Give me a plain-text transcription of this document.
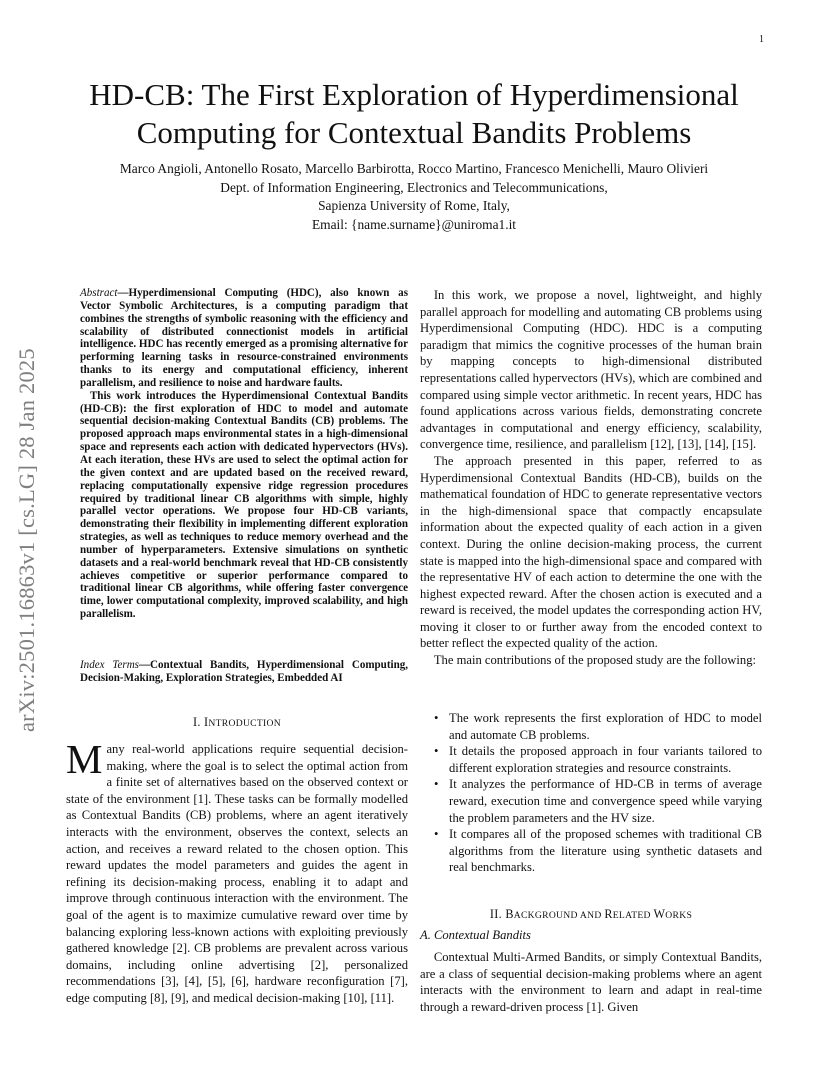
1
HD-CB: The First Exploration of Hyperdimensional
Computing for Contextual Bandits Problems
Marco Angioli, Antonello Rosato, Marcello Barbirotta, Rocco Martino, Francesco Menichelli, Mauro Olivieri
Dept. of Information Engineering, Electronics and Telecommunications,
Sapienza University of Rome, Italy,
Email: {name.surname}@uniroma1.it
arXiv:2501.16863v1 [cs.LG] 28 Jan 2025

Abstract—Hyperdimensional Computing (HDC), also known as Vector Symbolic Architectures, is a computing paradigm that combines the strengths of symbolic reasoning with the efficiency and scalability of distributed connectionist models in artificial intelligence. HDC has recently emerged as a promising alternative for performing learning tasks in resource-constrained environments thanks to its energy and computational efficiency, inherent parallelism, and resilience to noise and hardware faults.

This work introduces the Hyperdimensional Contextual Bandits (HD-CB): the first exploration of HDC to model and automate sequential decision-making Contextual Bandits (CB) problems. The proposed approach maps environmental states in a high-dimensional space and represents each action with dedicated hypervectors (HVs). At each iteration, these HVs are used to select the optimal action for the given context and are updated based on the received reward, replacing computationally expensive ridge regression procedures required by traditional linear CB algorithms with simple, highly parallel vector operations. We propose four HD-CB variants, demonstrating their flexibility in implementing different exploration strategies, as well as techniques to reduce memory overhead and the number of hyperparameters. Extensive simulations on synthetic datasets and a real-world benchmark reveal that HD-CB consistently achieves competitive or superior performance compared to traditional linear CB algorithms, while offering faster convergence time, lower computational complexity, improved scalability, and high parallelism.

Index Terms—Contextual Bandits, Hyperdimensional Computing, Decision-Making, Exploration Strategies, Embedded AI
I. INTRODUCTION

Many real-world applications require sequential decision-making, where the goal is to select the optimal action from a finite set of alternatives based on the observed context or state of the environment [1]. These tasks can be formally modelled as Contextual Bandits (CB) problems, where an agent iteratively interacts with the environment, observes the context, selects an action, and receives a reward related to the chosen option. This reward updates the model parameters and guides the agent in refining its decision-making process, enabling it to adapt and improve through continuous interaction with the environment. The goal of the agent is to maximize cumulative reward over time by balancing exploring less-known actions with exploiting previously gathered knowledge [2]. CB problems are prevalent across various domains, including online advertising [2], personalized recommendations [3], [4], [5], [6], hardware reconfiguration [7], edge computing [8], [9], and medical decision-making [10], [11].

In this work, we propose a novel, lightweight, and highly parallel approach for modelling and automating CB problems using Hyperdimensional Computing (HDC). HDC is a computing paradigm that mimics the cognitive processes of the human brain by mapping concepts to high-dimensional distributed representations called hypervectors (HVs), which are combined and compared using simple vector arithmetic. In recent years, HDC has found applications across various fields, demonstrating concrete advantages in computational and energy efficiency, scalability, convergence time, resilience, and parallelism [12], [13], [14], [15].

The approach presented in this paper, referred to as Hyperdimensional Contextual Bandits (HD-CB), builds on the mathematical foundation of HDC to generate representative vectors in the high-dimensional space that compactly encapsulate information about the expected quality of each action in a given context. During the online decision-making process, the current state is mapped into the high-dimensional space and compared with the representative HV of each action to determine the one with the highest expected reward. After the chosen action is executed and a reward is received, the model updates the corresponding action HV, moving it closer to or further away from the encoded context to better reflect the expected quality of the action.

The main contributions of the proposed study are the following:

• The work represents the first exploration of HDC to model and automate CB problems.
• It details the proposed approach in four variants tailored to different exploration strategies and resource constraints.
• It analyzes the performance of HD-CB in terms of average reward, execution time and convergence speed while varying the problem parameters and the HV size.
• It compares all of the proposed schemes with traditional CB algorithms from the literature using synthetic datasets and real benchmarks.
II. BACKGROUND AND RELATED WORKS
A. Contextual Bandits

Contextual Multi-Armed Bandits, or simply Contextual Bandits, are a class of sequential decision-making problems where an agent interacts with the environment to learn and adapt in real-time through a reward-driven process [1]. Given
